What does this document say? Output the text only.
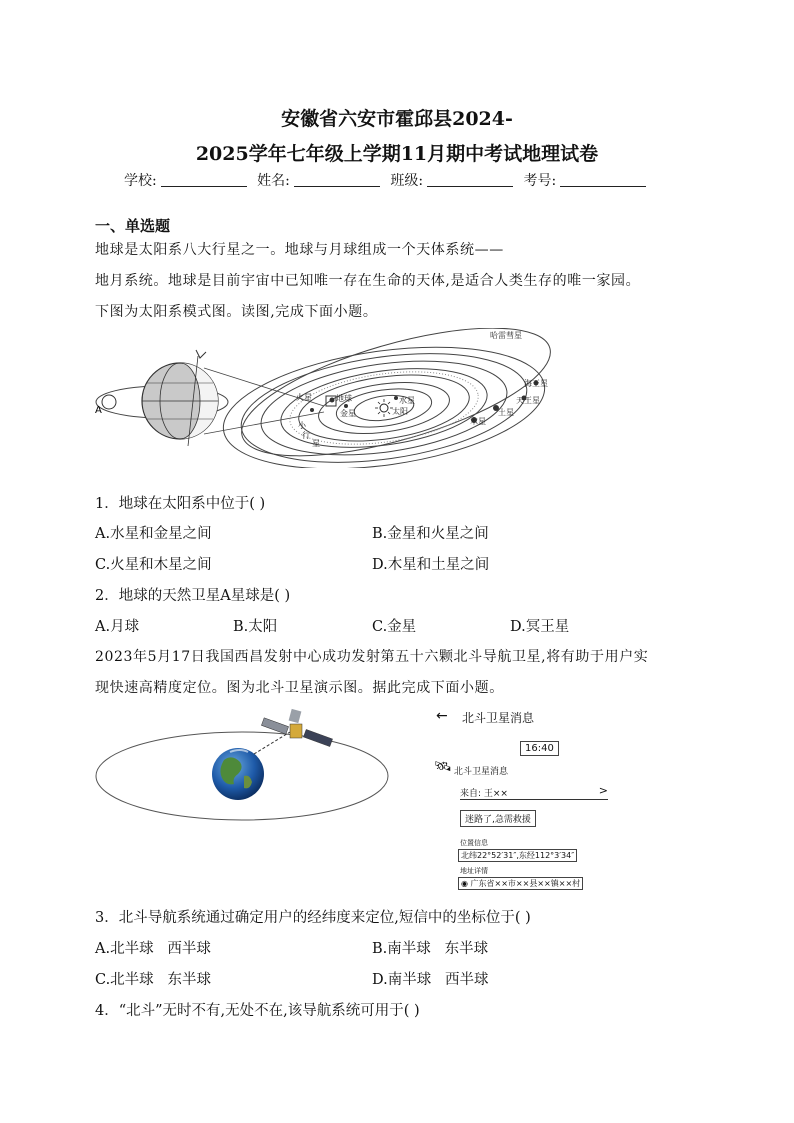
安徽省六安市霍邱县2024-
2025学年七年级上学期11月期中考试地理试卷
学校:	姓名:	班级:	考号:
一、单选题
地球是太阳系八大行星之一。地球与月球组成一个天体系统——
地月系统。地球是目前宇宙中已知唯一存在生命的天体,是适合人类生存的唯一家园。
下图为太阳系模式图。读图,完成下面小题。
A
哈雷彗星
海王星
天王星
土星
木星
火星	地球
金星
水星
太阳
小
行
星
1．地球在太阳系中位于( )
A.水星和金星之间	B.金星和火星之间
C.火星和木星之间	D.木星和土星之间
2．地球的天然卫星A星球是( )
A.月球	B.太阳	C.金星	D.冥王星
2023年5月17日我国西昌发射中心成功发射第五十六颗北斗导航卫星,将有助于用户实
现快速高精度定位。图为北斗卫星演示图。据此完成下面小题。
← 北斗卫星消息
16:40
🛰 北斗卫星消息
来自: 王××	>
迷路了,急需救援
位置信息
北纬22°52′31″,东经112°3′34″
地址详情
◉ 广东省××市××县××镇××村
3．北斗导航系统通过确定用户的经纬度来定位,短信中的坐标位于( )
A.北半球   西半球	B.南半球   东半球
C.北半球   东半球	D.南半球   西半球
4．“北斗”无时不有,无处不在,该导航系统可用于( )
